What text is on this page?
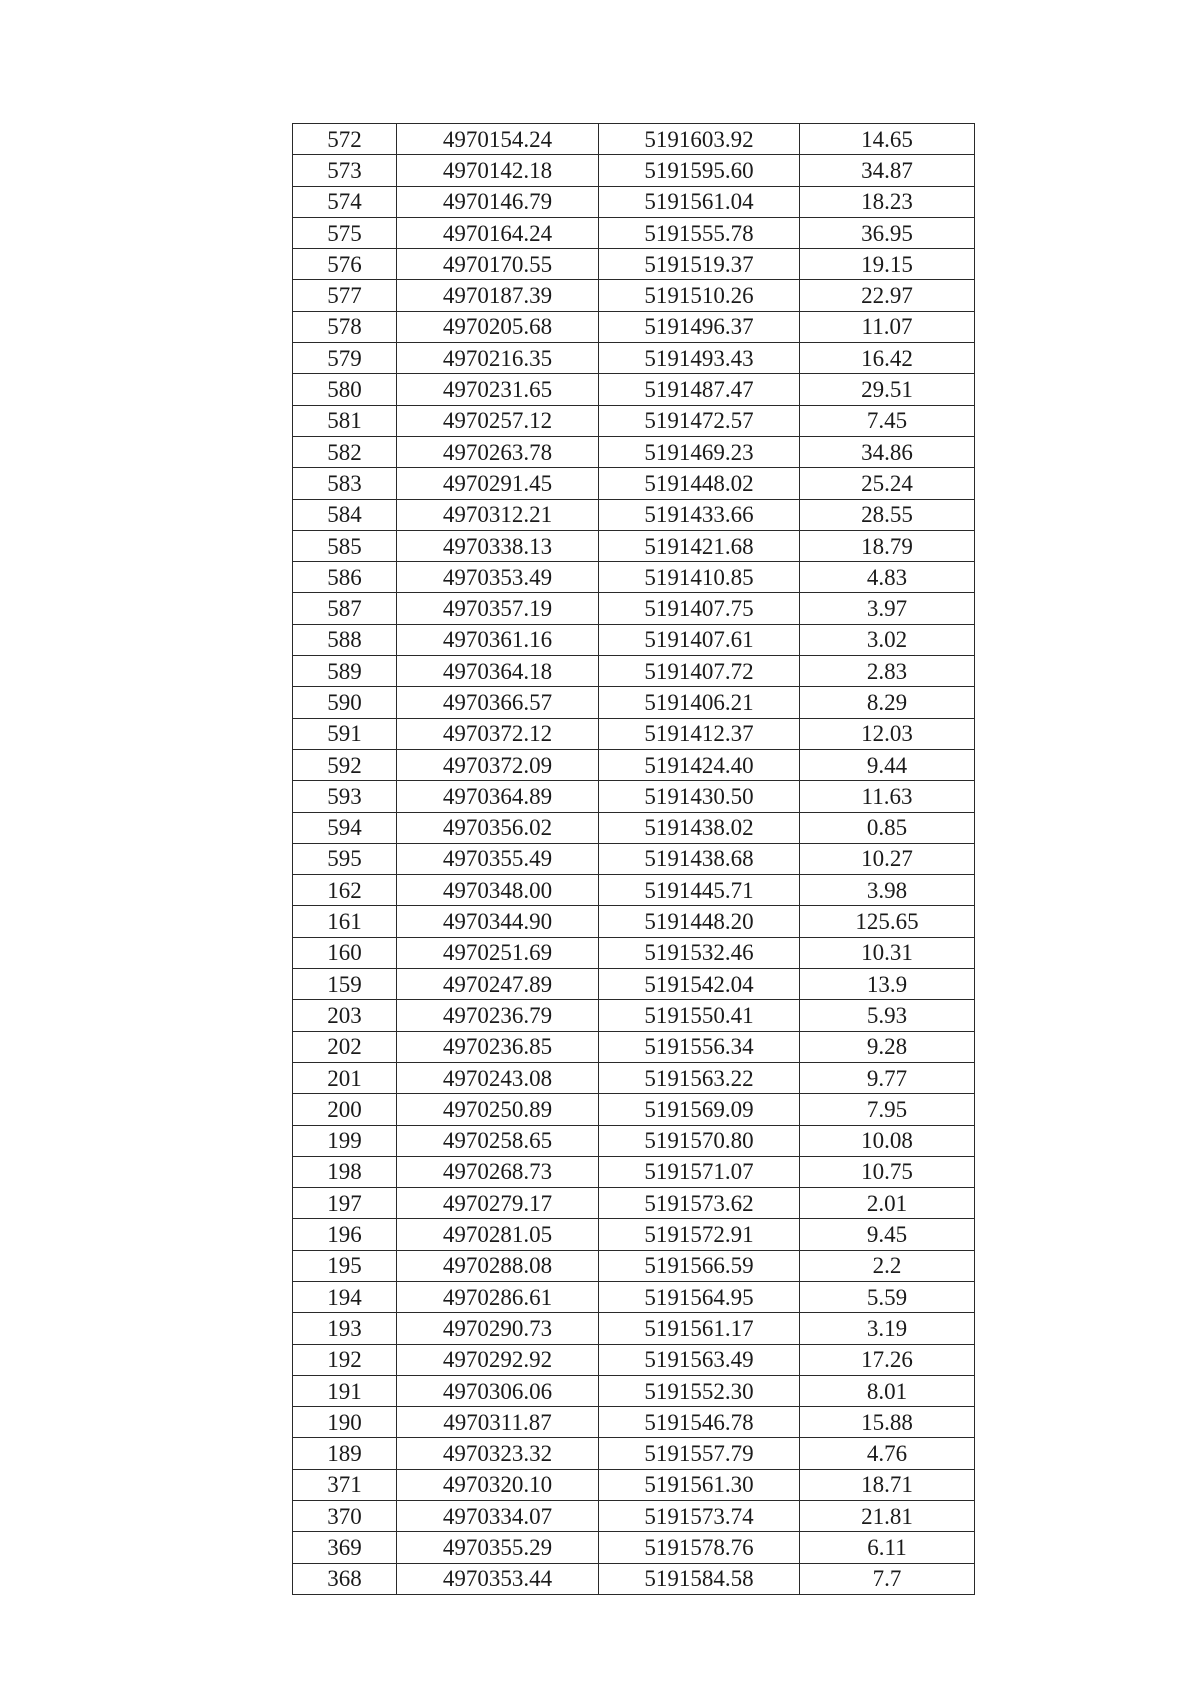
572	4970154.24	5191603.92	14.65
573	4970142.18	5191595.60	34.87
574	4970146.79	5191561.04	18.23
575	4970164.24	5191555.78	36.95
576	4970170.55	5191519.37	19.15
577	4970187.39	5191510.26	22.97
578	4970205.68	5191496.37	11.07
579	4970216.35	5191493.43	16.42
580	4970231.65	5191487.47	29.51
581	4970257.12	5191472.57	7.45
582	4970263.78	5191469.23	34.86
583	4970291.45	5191448.02	25.24
584	4970312.21	5191433.66	28.55
585	4970338.13	5191421.68	18.79
586	4970353.49	5191410.85	4.83
587	4970357.19	5191407.75	3.97
588	4970361.16	5191407.61	3.02
589	4970364.18	5191407.72	2.83
590	4970366.57	5191406.21	8.29
591	4970372.12	5191412.37	12.03
592	4970372.09	5191424.40	9.44
593	4970364.89	5191430.50	11.63
594	4970356.02	5191438.02	0.85
595	4970355.49	5191438.68	10.27
162	4970348.00	5191445.71	3.98
161	4970344.90	5191448.20	125.65
160	4970251.69	5191532.46	10.31
159	4970247.89	5191542.04	13.9
203	4970236.79	5191550.41	5.93
202	4970236.85	5191556.34	9.28
201	4970243.08	5191563.22	9.77
200	4970250.89	5191569.09	7.95
199	4970258.65	5191570.80	10.08
198	4970268.73	5191571.07	10.75
197	4970279.17	5191573.62	2.01
196	4970281.05	5191572.91	9.45
195	4970288.08	5191566.59	2.2
194	4970286.61	5191564.95	5.59
193	4970290.73	5191561.17	3.19
192	4970292.92	5191563.49	17.26
191	4970306.06	5191552.30	8.01
190	4970311.87	5191546.78	15.88
189	4970323.32	5191557.79	4.76
371	4970320.10	5191561.30	18.71
370	4970334.07	5191573.74	21.81
369	4970355.29	5191578.76	6.11
368	4970353.44	5191584.58	7.7
